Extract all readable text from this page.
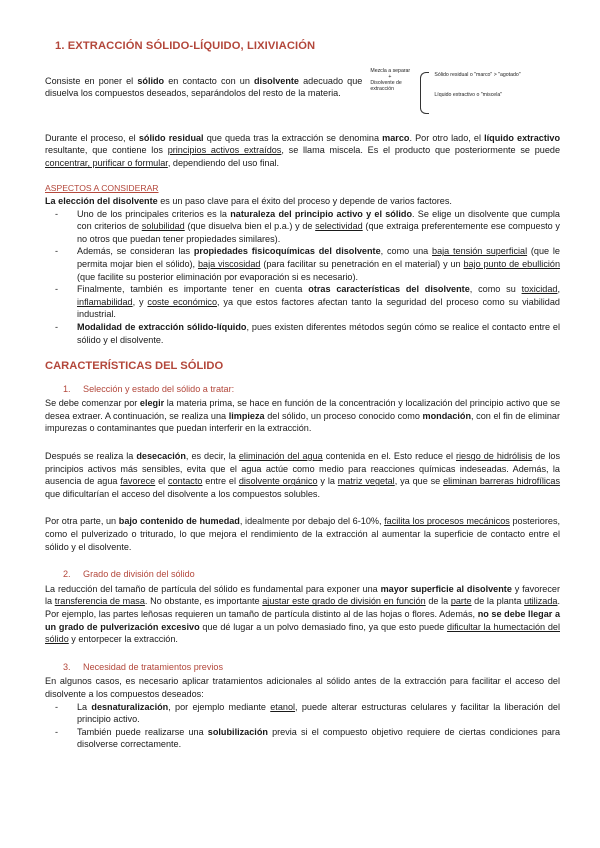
1. EXTRACCIÓN SÓLIDO-LÍQUIDO, LIXIVIACIÓN
Consiste en poner el sólido en contacto con un disolvente adecuado que disuelva los compuestos deseados, separándolos del resto de la materia.
Mezcla a separar
+
Disolvente de extracción
Sólido residual o "marco" > "agotado"
Líquido extractivo o "miscela"

Durante el proceso, el sólido residual que queda tras la extracción se denomina marco. Por otro lado, el líquido extractivo resultante, que contiene los principios activos extraídos, se llama miscela. Es el producto que posteriormente se puede concentrar, purificar o formular, dependiendo del uso final.

ASPECTOS A CONSIDERAR
La elección del disolvente es un paso clave para el éxito del proceso y depende de varios factores.
- Uno de los principales criterios es la naturaleza del principio activo y el sólido. Se elige un disolvente que cumpla con criterios de solubilidad (que disuelva bien el p.a.) y de selectividad (que extraiga preferentemente ese compuesto y no otros que puedan tener propiedades similares).
- Además, se consideran las propiedades fisicoquímicas del disolvente, como una baja tensión superficial (que le permita mojar bien el sólido), baja viscosidad (para facilitar su penetración en el material) y un bajo punto de ebullición (que facilite su posterior eliminación por evaporación si es necesario).
- Finalmente, también es importante tener en cuenta otras características del disolvente, como su toxicidad, inflamabilidad, y coste económico, ya que estos factores afectan tanto la seguridad del proceso como su viabilidad industrial.
- Modalidad de extracción sólido-líquido, pues existen diferentes métodos según cómo se realice el contacto entre el sólido y el disolvente.
CARACTERÍSTICAS DEL SÓLIDO
1. Selección y estado del sólido a tratar:

Se debe comenzar por elegir la materia prima, se hace en función de la concentración y localización del principio activo que se desea extraer. A continuación, se realiza una limpieza del sólido, un proceso conocido como mondación, con el fin de eliminar impurezas o contaminantes que puedan interferir en la extracción.

Después se realiza la desecación, es decir, la eliminación del agua contenida en el. Esto reduce el riesgo de hidrólisis de los principios activos más sensibles, evita que el agua actúe como medio para reacciones químicas indeseadas. Además, la ausencia de agua favorece el contacto entre el disolvente orgánico y la matriz vegetal, ya que se eliminan barreras hidrofílicas que dificultarían el acceso del disolvente a los compuestos solubles.

Por otra parte, un bajo contenido de humedad, idealmente por debajo del 6-10%, facilita los procesos mecánicos posteriores, como el pulverizado o triturado, lo que mejora el rendimiento de la extracción al aumentar la superficie de contacto entre el sólido y el disolvente.

2. Grado de división del sólido

La reducción del tamaño de partícula del sólido es fundamental para exponer una mayor superficie al disolvente y favorecer la transferencia de masa. No obstante, es importante ajustar este grado de división en función de la parte de la planta utilizada. Por ejemplo, las partes leñosas requieren un tamaño de partícula distinto al de las hojas o flores. Además, no se debe llegar a un grado de pulverización excesivo que dé lugar a un polvo demasiado fino, ya que esto puede dificultar la humectación del sólido y entorpecer la extracción.

3. Necesidad de tratamientos previos
En algunos casos, es necesario aplicar tratamientos adicionales al sólido antes de la extracción para facilitar el acceso del disolvente a los compuestos deseados:
- La desnaturalización, por ejemplo mediante etanol, puede alterar estructuras celulares y facilitar la liberación del principio activo.
- También puede realizarse una solubilización previa si el compuesto objetivo requiere de ciertas condiciones para disolverse correctamente.
